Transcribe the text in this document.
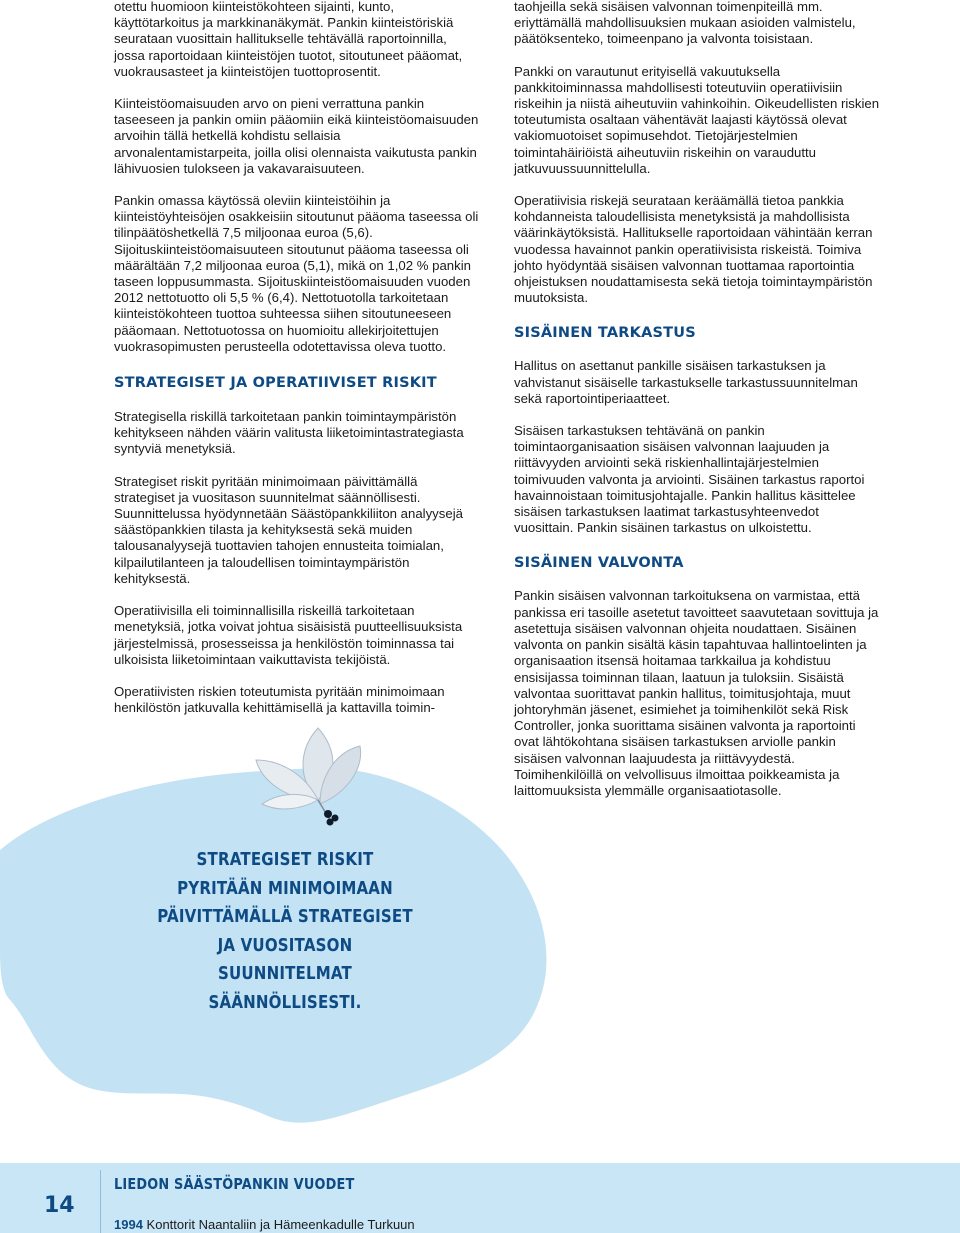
otettu huomioon kiinteistökohteen sijainti, kunto, käyttötarkoitus ja markkinanäkymät. Pankin kiinteistöriskiä seurataan vuosittain hallitukselle tehtävällä raportoinnilla, jossa raportoidaan kiinteistöjen tuotot, sitoutuneet pääomat, vuokrausasteet ja kiinteistöjen tuottoprosentit.

Kiinteistöomaisuuden arvo on pieni verrattuna pankin taseeseen ja pankin omiin pääomiin eikä kiinteistöomaisuuden arvoihin tällä hetkellä kohdistu sellaisia arvonalentamistarpeita, joilla olisi olennaista vaikutusta pankin lähivuosien tulokseen ja vakavaraisuuteen.

Pankin omassa käytössä oleviin kiinteistöihin ja kiinteistöyhteisöjen osakkeisiin sitoutunut pääoma taseessa oli tilinpäätöshetkellä 7,5 miljoonaa euroa (5,6). Sijoituskiinteistöomaisuuteen sitoutunut pääoma taseessa oli määrältään 7,2 miljoonaa euroa (5,1), mikä on 1,02 % pankin taseen loppusummasta. Sijoituskiinteistöomaisuuden vuoden 2012 nettotuotto oli 5,5 % (6,4). Nettotuotolla tarkoitetaan kiinteistökohteen tuottoa suhteessa siihen sitoutuneeseen pääomaan. Nettotuotossa on huomioitu allekirjoitettujen vuokrasopimusten perusteella odotettavissa oleva tuotto.

STRATEGISET JA OPERATIIVISET RISKIT

Strategisella riskillä tarkoitetaan pankin toimintaympäristön kehitykseen nähden väärin valitusta liiketoimintastrategiasta syntyviä menetyksiä.

Strategiset riskit pyritään minimoimaan päivittämällä strategiset ja vuositason suunnitelmat säännöllisesti. Suunnittelussa hyödynnetään Säästöpankkiliiton analyysejä säästöpankkien tilasta ja kehityksestä sekä muiden talousanalyysejä tuottavien tahojen ennusteita toimialan, kilpailutilanteen ja taloudellisen toimintaympäristön kehityksestä.

Operatiivisilla eli toiminnallisilla riskeillä tarkoitetaan menetyksiä, jotka voivat johtua sisäisistä puutteellisuuksista järjestelmissä, prosesseissa ja henkilöstön toiminnassa tai ulkoisista liiketoimintaan vaikuttavista tekijöistä.

Operatiivisten riskien toteutumista pyritään minimoimaan henkilöstön jatkuvalla kehittämisellä ja kattavilla toimin-

taohjeilla sekä sisäisen valvonnan toimenpiteillä mm. eriyttämällä mahdollisuuksien mukaan asioiden valmistelu, päätöksenteko, toimeenpano ja valvonta toisistaan.

Pankki on varautunut erityisellä vakuutuksella pankkitoiminnassa mahdollisesti toteutuviin operatiivisiin riskeihin ja niistä aiheutuviin vahinkoihin. Oikeudellisten riskien toteutumista osaltaan vähentävät laajasti käytössä olevat vakiomuotoiset sopimusehdot. Tietojärjestelmien toimintahäiriöistä aiheutuviin riskeihin on varauduttu jatkuvuussuunnittelulla.

Operatiivisia riskejä seurataan keräämällä tietoa pankkia kohdanneista taloudellisista menetyksistä ja mahdollisista väärinkäytöksistä. Hallitukselle raportoidaan vähintään kerran vuodessa havainnot pankin operatiivisista riskeistä. Toimiva johto hyödyntää sisäisen valvonnan tuottamaa raportointia ohjeistuksen noudattamisesta sekä tietoja toimintaympäristön muutoksista.

SISÄINEN TARKASTUS

Hallitus on asettanut pankille sisäisen tarkastuksen ja vahvistanut sisäiselle tarkastukselle tarkastussuunnitelman sekä raportointiperiaatteet.

Sisäisen tarkastuksen tehtävänä on pankin toimintaorganisaation sisäisen valvonnan laajuuden ja riittävyyden arviointi sekä riskienhallintajärjestelmien toimivuuden valvonta ja arviointi. Sisäinen tarkastus raportoi havainnoistaan toimitusjohtajalle. Pankin hallitus käsittelee sisäisen tarkastuksen laatimat tarkastusyhteenvedot vuosittain. Pankin sisäinen tarkastus on ulkoistettu.

SISÄINEN VALVONTA

Pankin sisäisen valvonnan tarkoituksena on varmistaa, että pankissa eri tasoille asetetut tavoitteet saavutetaan sovittuja ja asetettuja sisäisen valvonnan ohjeita noudattaen. Sisäinen valvonta on pankin sisältä käsin tapahtuvaa hallintoelinten ja organisaation itsensä hoitamaa tarkkailua ja kohdistuu ensisijassa toiminnan tilaan, laatuun ja tuloksiin. Sisäistä valvontaa suorittavat pankin hallitus, toimitusjohtaja, muut johtoryhmän jäsenet, esimiehet ja toimihenkilöt sekä Risk Controller, jonka suorittama sisäinen valvonta ja raportointi ovat lähtökohtana sisäisen tarkastuksen arviolle pankin sisäisen valvonnan laajuudesta ja riittävyydestä. Toimihenkilöillä on velvollisuus ilmoittaa poikkeamista ja laittomuuksista ylemmälle organisaatiotasolle.

STRATEGISET RISKIT PYRITÄÄN MINIMOIMAAN PÄIVITTÄMÄLLÄ STRATEGISET JA VUOSITASON SUUNNITELMAT SÄÄNNÖLLISESTI.
14
LIEDON SÄÄSTÖPANKIN VUODET
1994 Konttorit Naantaliin ja Hämeenkadulle Turkuun
